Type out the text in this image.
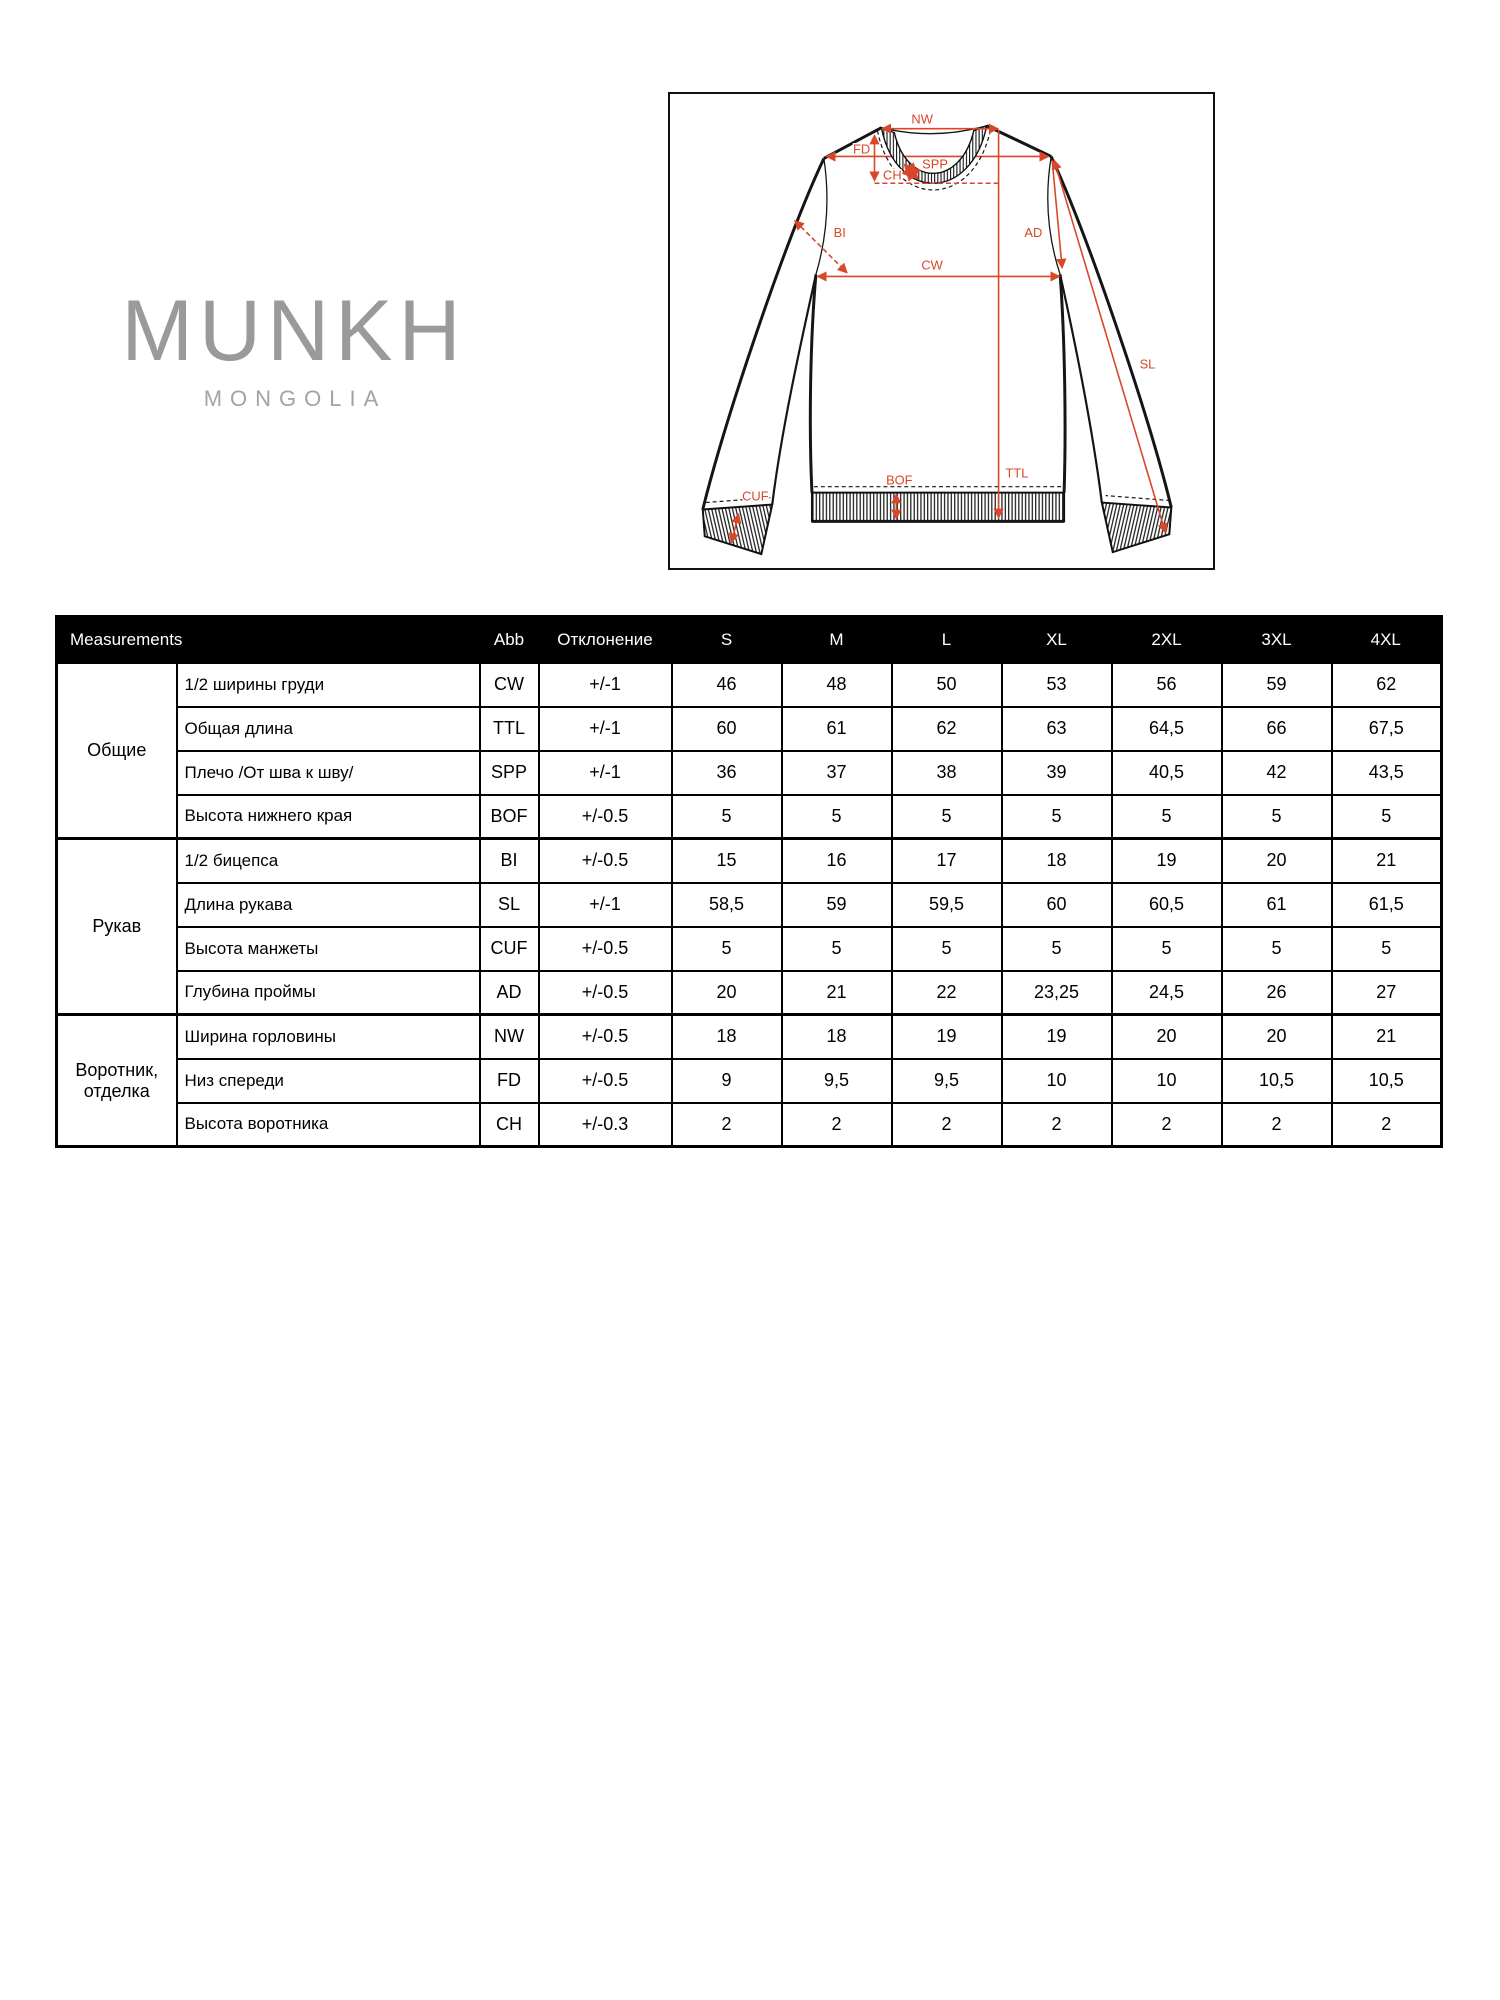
MUNKH
MONGOLIA
NW
FD
SPP
CH
BI	AD
CW
SL
TTL
BOF
CUF
Measurements		Abb	Отклонение	S	M	L	XL	2XL	3XL	4XL
Общие	1/2 ширины груди	CW	+/-1	46	48	50	53	56	59	62
	Общая длина	TTL	+/-1	60	61	62	63	64,5	66	67,5
	Плечо /От шва к шву/	SPP	+/-1	36	37	38	39	40,5	42	43,5
	Высота нижнего края	BOF	+/-0.5	5	5	5	5	5	5	5
Рукав	1/2 бицепса	BI	+/-0.5	15	16	17	18	19	20	21
	Длина рукава	SL	+/-1	58,5	59	59,5	60	60,5	61	61,5
	Высота манжеты	CUF	+/-0.5	5	5	5	5	5	5	5
	Глубина проймы	AD	+/-0.5	20	21	22	23,25	24,5	26	27
Воротник, отделка	Ширина горловины	NW	+/-0.5	18	18	19	19	20	20	21
	Низ спереди	FD	+/-0.5	9	9,5	9,5	10	10	10,5	10,5
	Высота воротника	CH	+/-0.3	2	2	2	2	2	2	2
